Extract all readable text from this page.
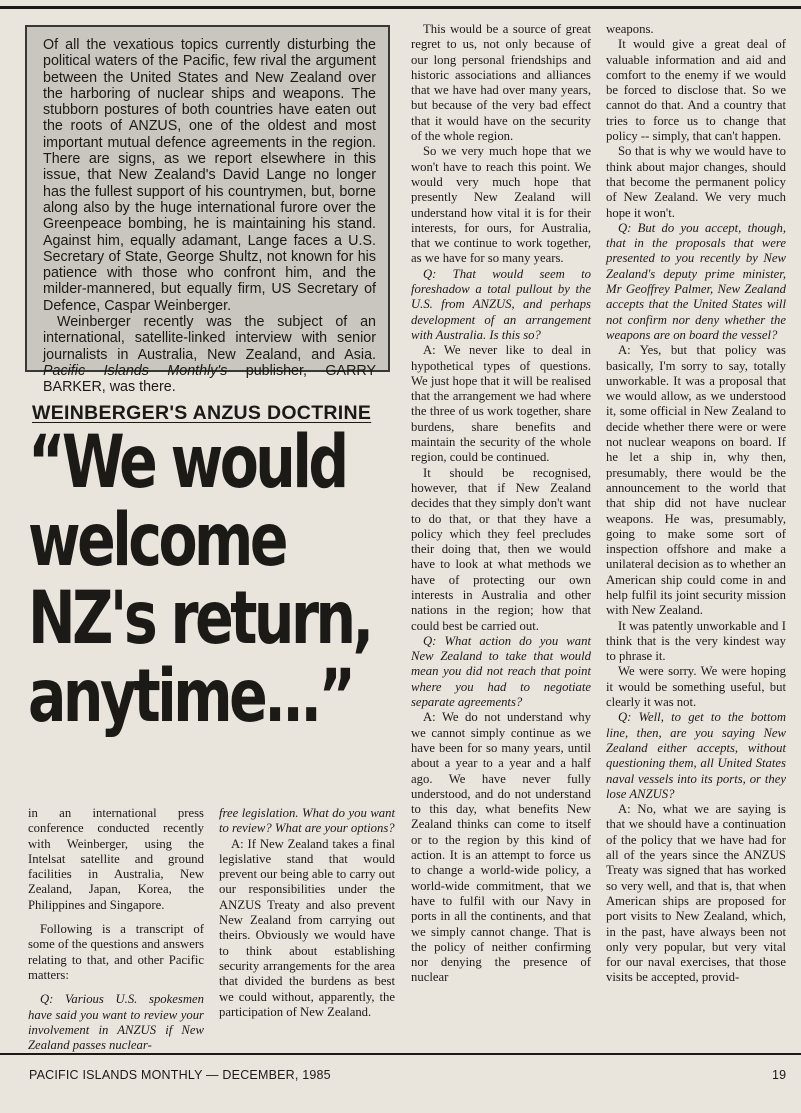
Of all the vexatious topics currently disturbing the political waters of the Pacific, few rival the argument between the United States and New Zealand over the harboring of nuclear ships and weapons. The stubborn postures of both countries have eaten out the roots of ANZUS, one of the oldest and most important mutual defence agreements in the region. There are signs, as we report elsewhere in this issue, that New Zealand's David Lange no longer has the fullest support of his countrymen, but, borne along also by the huge international furore over the Greenpeace bombing, he is maintaining his stand. Against him, equally adamant, Lange faces a U.S. Secretary of State, George Shultz, not known for his patience with those who confront him, and the milder-mannered, but equally firm, US Secretary of Defence, Caspar Weinberger.

Weinberger recently was the subject of an international, satellite-linked interview with senior journalists in Australia, New Zealand, and Asia. Pacific Islands Monthly's publisher, GARRY BARKER, was there.

WEINBERGER'S ANZUS DOCTRINE
“We would
welcome
NZ's return,
anytime...”

in an international press conference conducted recently with Weinberger, using the Intelsat satellite and ground facilities in Australia, New Zealand, Japan, Korea, the Philippines and Singapore.

Following is a transcript of some of the questions and answers relating to that, and other Pacific matters:

Q: Various U.S. spokesmen have said you want to review your involvement in ANZUS if New Zealand passes nuclear-

free legislation. What do you want to review? What are your options?

A: If New Zealand takes a final legislative stand that would prevent our being able to carry out our responsibilities under the ANZUS Treaty and also prevent New Zealand from carrying out theirs. Obviously we would have to think about establishing security arrangements for the area that divided the burdens as best we could without, apparently, the participation of New Zealand.

This would be a source of great regret to us, not only because of our long personal friendships and historic associations and alliances that we have had over many years, but because of the very bad effect that it would have on the security of the whole region.

So we very much hope that we won't have to reach this point. We would very much hope that presently New Zealand will understand how vital it is for their interests, for ours, for Australia, that we continue to work together, as we have for so many years.

Q: That would seem to foreshadow a total pullout by the U.S. from ANZUS, and perhaps development of an arrangement with Australia. Is this so?

A: We never like to deal in hypothetical types of questions. We just hope that it will be realised that the arrangement we had where the three of us work together, share burdens, share benefits and maintain the security of the whole region, could be continued.

It should be recognised, however, that if New Zealand decides that they simply don't want to do that, or that they have a policy which they feel precludes their doing that, then we would have to look at what methods we have of protecting our own interests in Australia and other nations in the region; how that could best be carried out.

Q: What action do you want New Zealand to take that would mean you did not reach that point where you had to negotiate separate agreements?

A: We do not understand why we cannot simply continue as we have been for so many years, until about a year to a year and a half ago. We have never fully understood, and do not understand to this day, what benefits New Zealand thinks can come to itself or to the region by this kind of action. It is an attempt to force us to change a world-wide policy, a world-wide commitment, that we have to fulfil with our Navy in ports in all the continents, and that we simply cannot change. That is the policy of neither confirming nor denying the presence of nuclear

weapons.

It would give a great deal of valuable information and aid and comfort to the enemy if we would be forced to disclose that. So we cannot do that. And a country that tries to force us to change that policy -- simply, that can't happen.

So that is why we would have to think about major changes, should that become the permanent policy of New Zealand. We very much hope it won't.

Q: But do you accept, though, that in the proposals that were presented to you recently by New Zealand's deputy prime minister, Mr Geoffrey Palmer, New Zealand accepts that the United States will not confirm nor deny whether the weapons are on board the vessel?

A: Yes, but that policy was basically, I'm sorry to say, totally unworkable. It was a proposal that we would allow, as we understood it, some official in New Zealand to decide whether there were or were not nuclear weapons on board. If he let a ship in, why then, presumably, there would be the announcement to the world that that ship did not have nuclear weapons. He was, presumably, going to make some sort of inspection offshore and make a unilateral decision as to whether an American ship could come in and help fulfil its joint security mission with New Zealand.

It was patently unworkable and I think that is the very kindest way to phrase it.

We were sorry. We were hoping it would be something useful, but clearly it was not.

Q: Well, to get to the bottom line, then, are you saying New Zealand either accepts, without questioning them, all United States naval vessels into its ports, or they lose ANZUS?

A: No, what we are saying is that we should have a continuation of the policy that we have had for all of the years since the ANZUS Treaty was signed that has worked so very well, and that is, that when American ships are proposed for port visits to New Zealand, which, in the past, have always been not only very popular, but very vital for our naval exercises, that those visits be accepted, provid-

PACIFIC ISLANDS MONTHLY — DECEMBER, 1985	19
